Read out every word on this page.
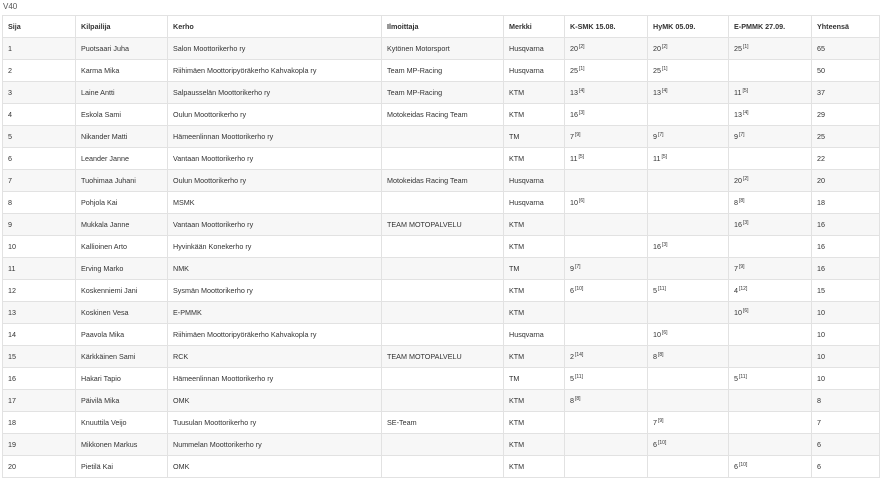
V40
Sija	Kilpailija	Kerho	Ilmoittaja	Merkki	K-SMK 15.08.	HyMK 05.09.	E-PMMK 27.09.	Yhteensä
1	Puotsaari Juha	Salon Moottorikerho ry	Kytönen Motorsport	Husqvarna	20[2]	20[2]	25[1]	65
2	Karma Mika	Riihimäen Moottoripyöräkerho Kahvakopla ry	Team MP-Racing	Husqvarna	25[1]	25[1]		50
3	Laine Antti	Salpausselän Moottorikerho ry	Team MP-Racing	KTM	13[4]	13[4]	11[5]	37
4	Eskola Sami	Oulun Moottorikerho ry	Motokeidas Racing Team	KTM	16[3]		13[4]	29
5	Nikander Matti	Hämeenlinnan Moottorikerho ry		TM	7[9]	9[7]	9[7]	25
6	Leander Janne	Vantaan Moottorikerho ry		KTM	11[5]	11[5]		22
7	Tuohimaa Juhani	Oulun Moottorikerho ry	Motokeidas Racing Team	Husqvarna			20[2]	20
8	Pohjola Kai	MSMK		Husqvarna	10[6]		8[8]	18
9	Mukkala Janne	Vantaan Moottorikerho ry	TEAM MOTOPALVELU	KTM			16[3]	16
10	Kallioinen Arto	Hyvinkään Konekerho ry		KTM		16[3]		16
11	Erving Marko	NMK		TM	9[7]		7[9]	16
12	Koskenniemi Jani	Sysmän Moottorikerho ry		KTM	6[10]	5[11]	4[12]	15
13	Koskinen Vesa	E-PMMK		KTM			10[6]	10
14	Paavola Mika	Riihimäen Moottoripyöräkerho Kahvakopla ry		Husqvarna		10[6]		10
15	Kärkkäinen Sami	RCK	TEAM MOTOPALVELU	KTM	2[14]	8[8]		10
16	Hakari Tapio	Hämeenlinnan Moottorikerho ry		TM	5[11]		5[11]	10
17	Päivilä Mika	OMK		KTM	8[8]			8
18	Knuuttila Veijo	Tuusulan Moottorikerho ry	SE-Team	KTM		7[9]		7
19	Mikkonen Markus	Nummelan Moottorikerho ry		KTM		6[10]		6
20	Pietilä Kai	OMK		KTM			6[10]	6
